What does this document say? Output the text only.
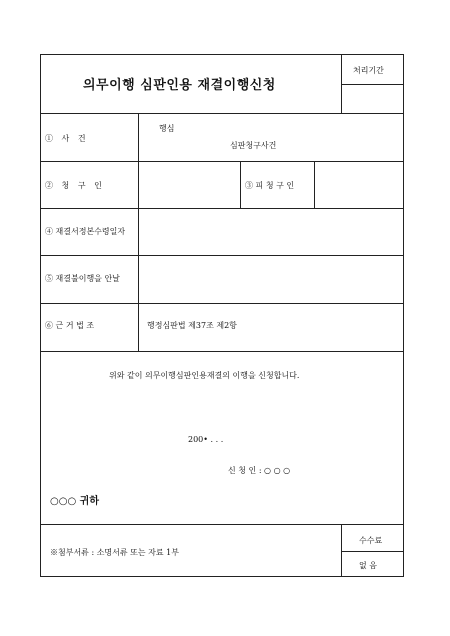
의무이행 심판인용 재결이행신청
처리기간
① 사 건
행심
심판청구사건
② 청 구 인	③ 피 청 구 인
④ 재결서정본수령일자
⑤ 재결불이행을 안날
⑥ 근 거 법 조	행정심판법 제37조 제2항
위와 같이 의무이행심판인용재결의 이행을 신청합니다.
200• . . .
신 청 인 : ○ ○ ○
○○○ 귀하
※첨부서류 : 소명서류 또는 자료 1부
수수료
없 음
